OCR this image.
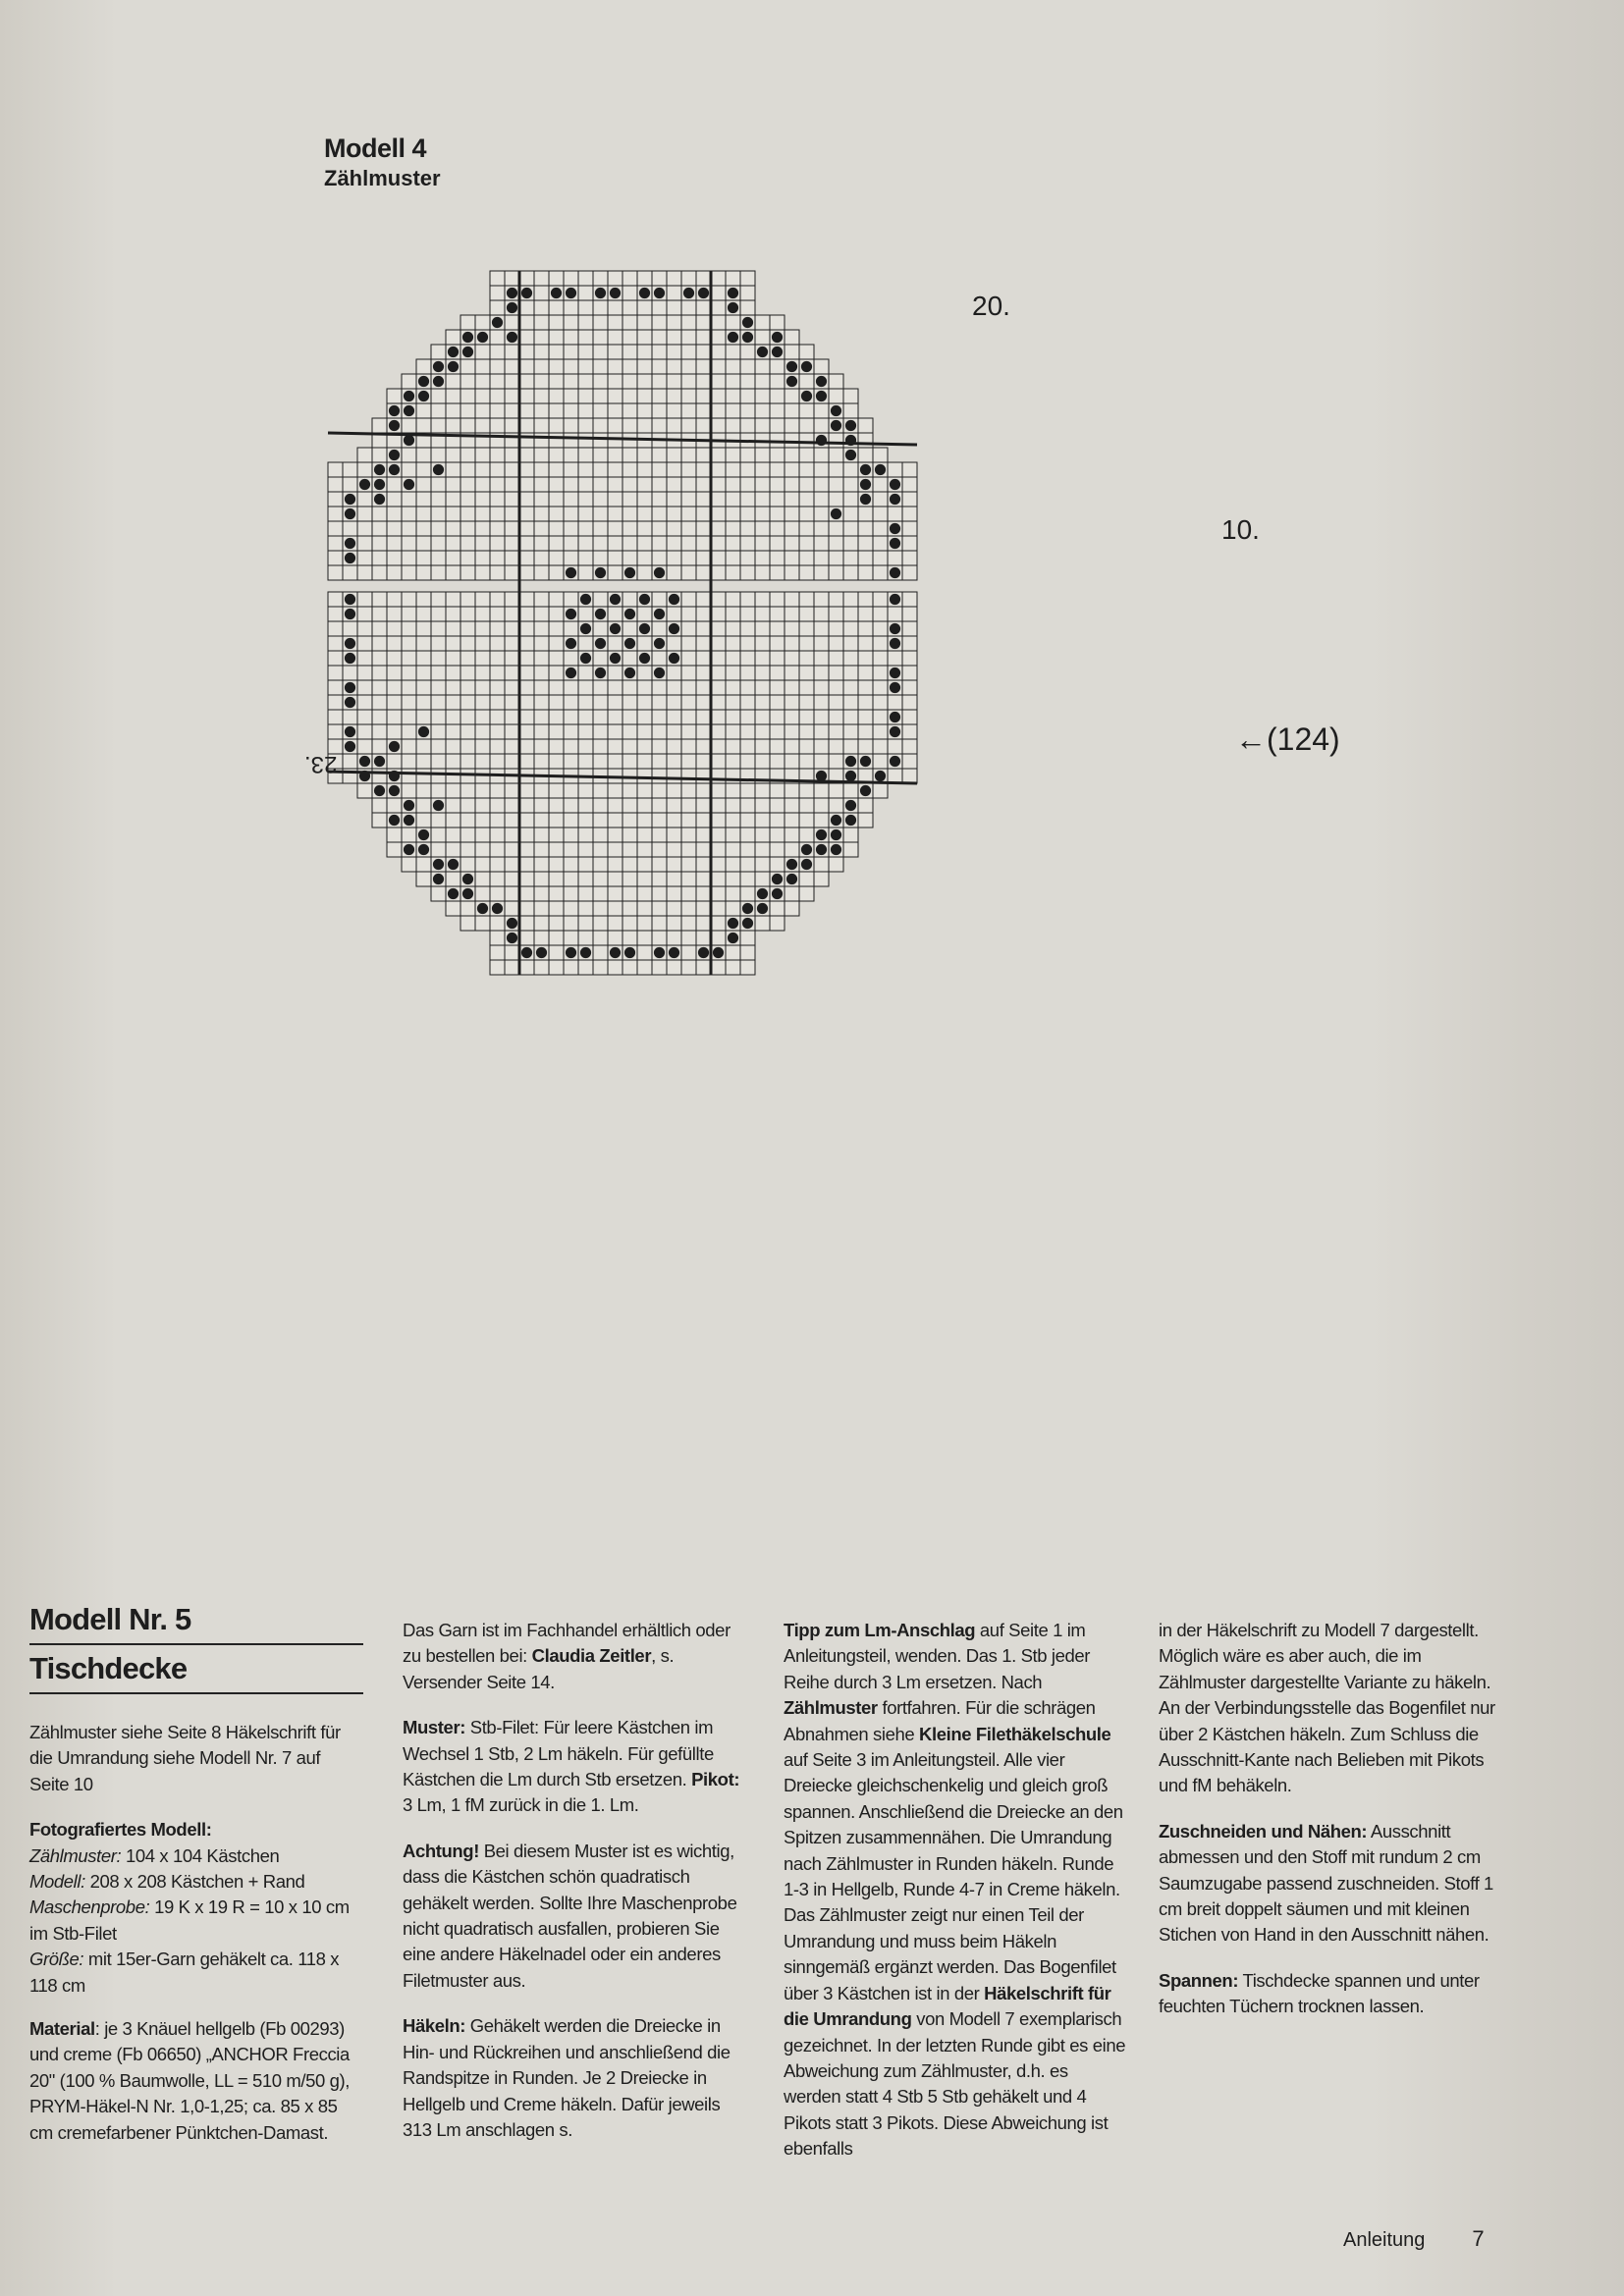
Modell 4
Zählmuster
20.
10.
←(124)
23.
Modell Nr. 5
Tischdecke

Zählmuster siehe Seite 8 Häkelschrift für die Umrandung siehe Modell Nr. 7 auf Seite 10

Fotografiertes Modell:
Zählmuster: 104 x 104 Kästchen
Modell: 208 x 208 Kästchen + Rand
Maschenprobe: 19 K x 19 R = 10 x 10 cm im Stb-Filet
Größe: mit 15er-Garn gehäkelt ca. 118 x 118 cm

Material: je 3 Knäuel hellgelb (Fb 00293) und creme (Fb 06650) „ANCHOR Freccia 20" (100 % Baumwolle, LL = 510 m/50 g), PRYM-Häkel-N Nr. 1,0-1,25; ca. 85 x 85 cm cremefarbener Pünktchen-Damast.

Das Garn ist im Fachhandel erhältlich oder zu bestellen bei: Claudia Zeitler, s. Versender Seite 14.

Muster: Stb-Filet: Für leere Kästchen im Wechsel 1 Stb, 2 Lm häkeln. Für gefüllte Kästchen die Lm durch Stb ersetzen. Pikot: 3 Lm, 1 fM zurück in die 1. Lm.

Achtung! Bei diesem Muster ist es wichtig, dass die Kästchen schön quadratisch gehäkelt werden. Sollte Ihre Maschenprobe nicht quadratisch ausfallen, probieren Sie eine andere Häkelnadel oder ein anderes Filetmuster aus.

Häkeln: Gehäkelt werden die Dreiecke in Hin- und Rückreihen und anschließend die Randspitze in Runden. Je 2 Dreiecke in Hellgelb und Creme häkeln. Dafür jeweils 313 Lm anschlagen s.

Tipp zum Lm-Anschlag auf Seite 1 im Anleitungsteil, wenden. Das 1. Stb jeder Reihe durch 3 Lm ersetzen. Nach Zählmuster fortfahren. Für die schrägen Abnahmen siehe Kleine Filethäkelschule auf Seite 3 im Anleitungsteil. Alle vier Dreiecke gleichschenkelig und gleich groß spannen. Anschließend die Dreiecke an den Spitzen zusammennähen. Die Umrandung nach Zählmuster in Runden häkeln. Runde 1-3 in Hellgelb, Runde 4-7 in Creme häkeln. Das Zählmuster zeigt nur einen Teil der Umrandung und muss beim Häkeln sinngemäß ergänzt werden. Das Bogenfilet über 3 Kästchen ist in der Häkelschrift für die Umrandung von Modell 7 exemplarisch gezeichnet. In der letzten Runde gibt es eine Abweichung zum Zählmuster, d.h. es werden statt 4 Stb 5 Stb gehäkelt und 4 Pikots statt 3 Pikots. Diese Abweichung ist ebenfalls

in der Häkelschrift zu Modell 7 dargestellt. Möglich wäre es aber auch, die im Zählmuster dargestellte Variante zu häkeln. An der Verbindungsstelle das Bogenfilet nur über 2 Kästchen häkeln. Zum Schluss die Ausschnitt-Kante nach Belieben mit Pikots und fM behäkeln.

Zuschneiden und Nähen: Ausschnitt abmessen und den Stoff mit rundum 2 cm Saumzugabe passend zuschneiden. Stoff 1 cm breit doppelt säumen und mit kleinen Stichen von Hand in den Ausschnitt nähen.

Spannen: Tischdecke spannen und unter feuchten Tüchern trocknen lassen.

Anleitung 7
